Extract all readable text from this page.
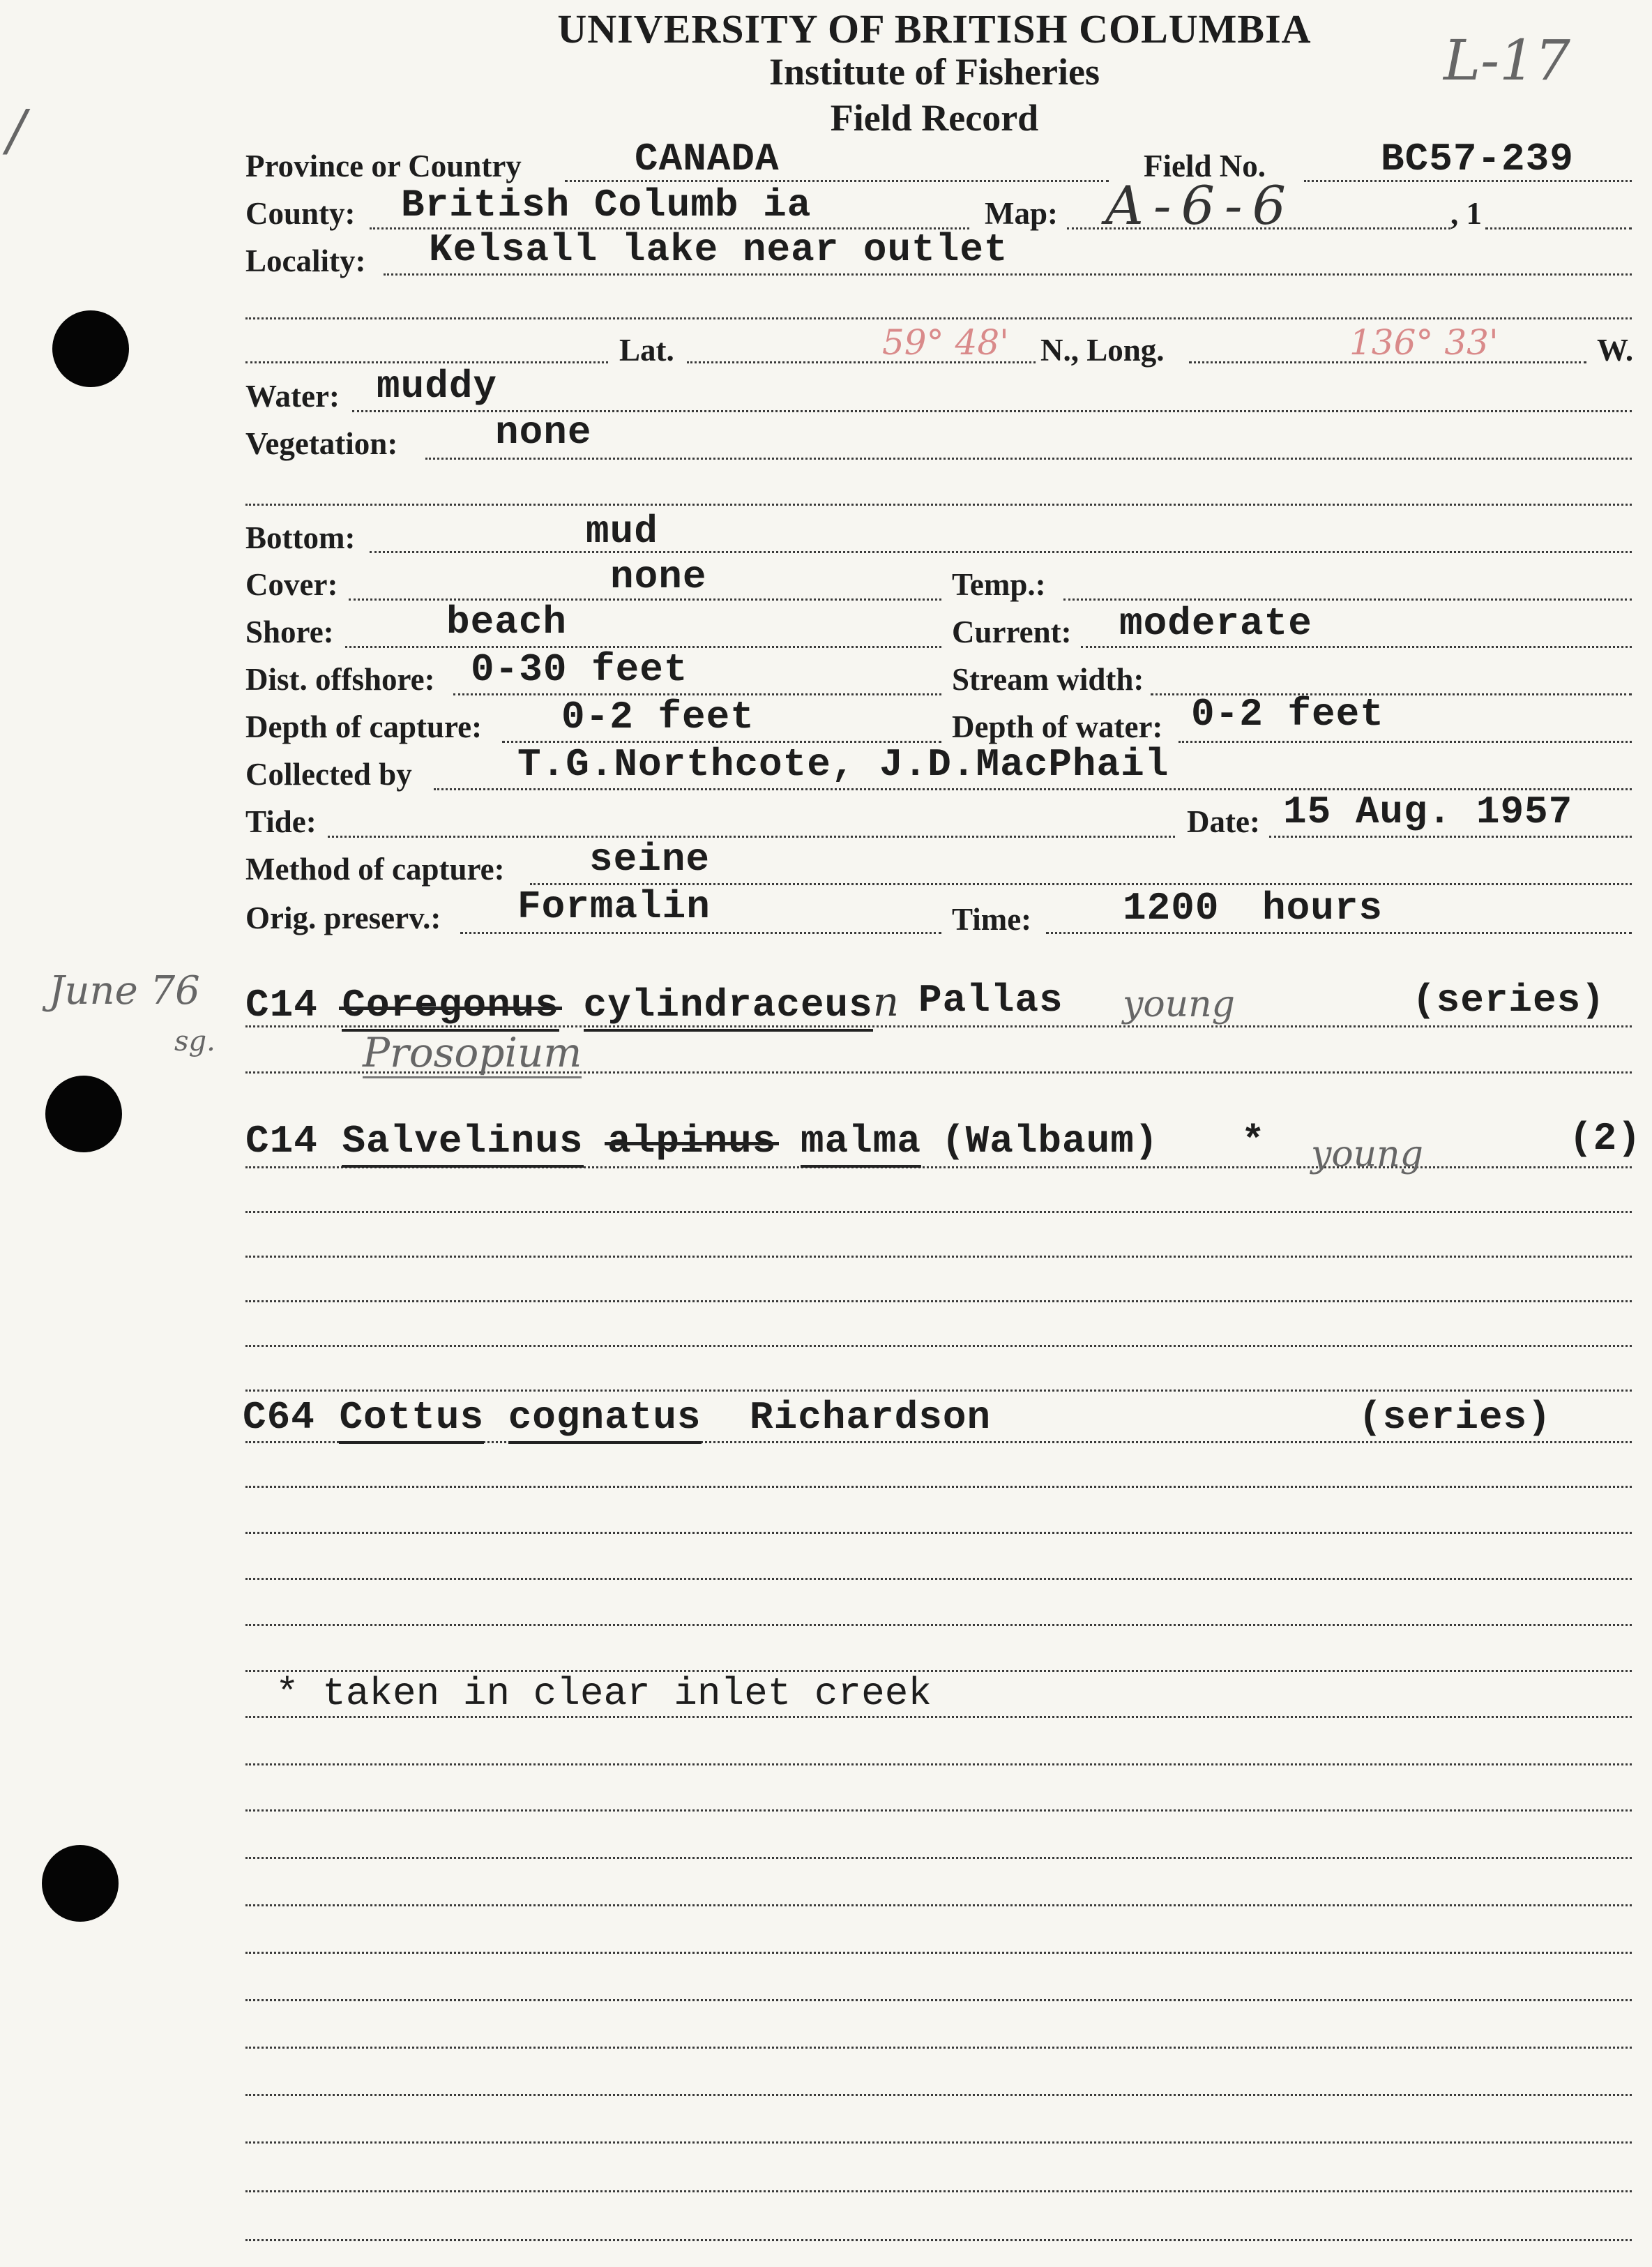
/
L-17
UNIVERSITY OF BRITISH COLUMBIA
Institute of Fisheries
Field Record
Province or Country	CANADA	Field No.	BC57-239
County: British Columb ia	Map: A-6-6	, 1
Locality: Kelsall lake near outlet
Lat.	59° 48' N., Long.	136° 33'	W.
Water: muddy
Vegetation: none
Bottom:	mud
Cover:	none	Temp.:
Shore:	beach	Current: moderate
Dist. offshore: 0-30 feet	Stream width:
Depth of capture: 0-2 feet	Depth of water: 0-2 feet
Collected by	T.G.Northcote, J.D.MacPhail
Tide:	Date: 15 Aug. 1957
Method of capture: seine
Orig. preserv.: Formalin	Time: 1200 hours
June 76
sg.
C14 Coregonus cylindraceusn Pallas young	(series)
Prosopium
C14 Salvelinus alpinus malma (Walbaum) * young	(2)
C64 Cottus cognatus Richardson	(series)
* taken in clear inlet creek
